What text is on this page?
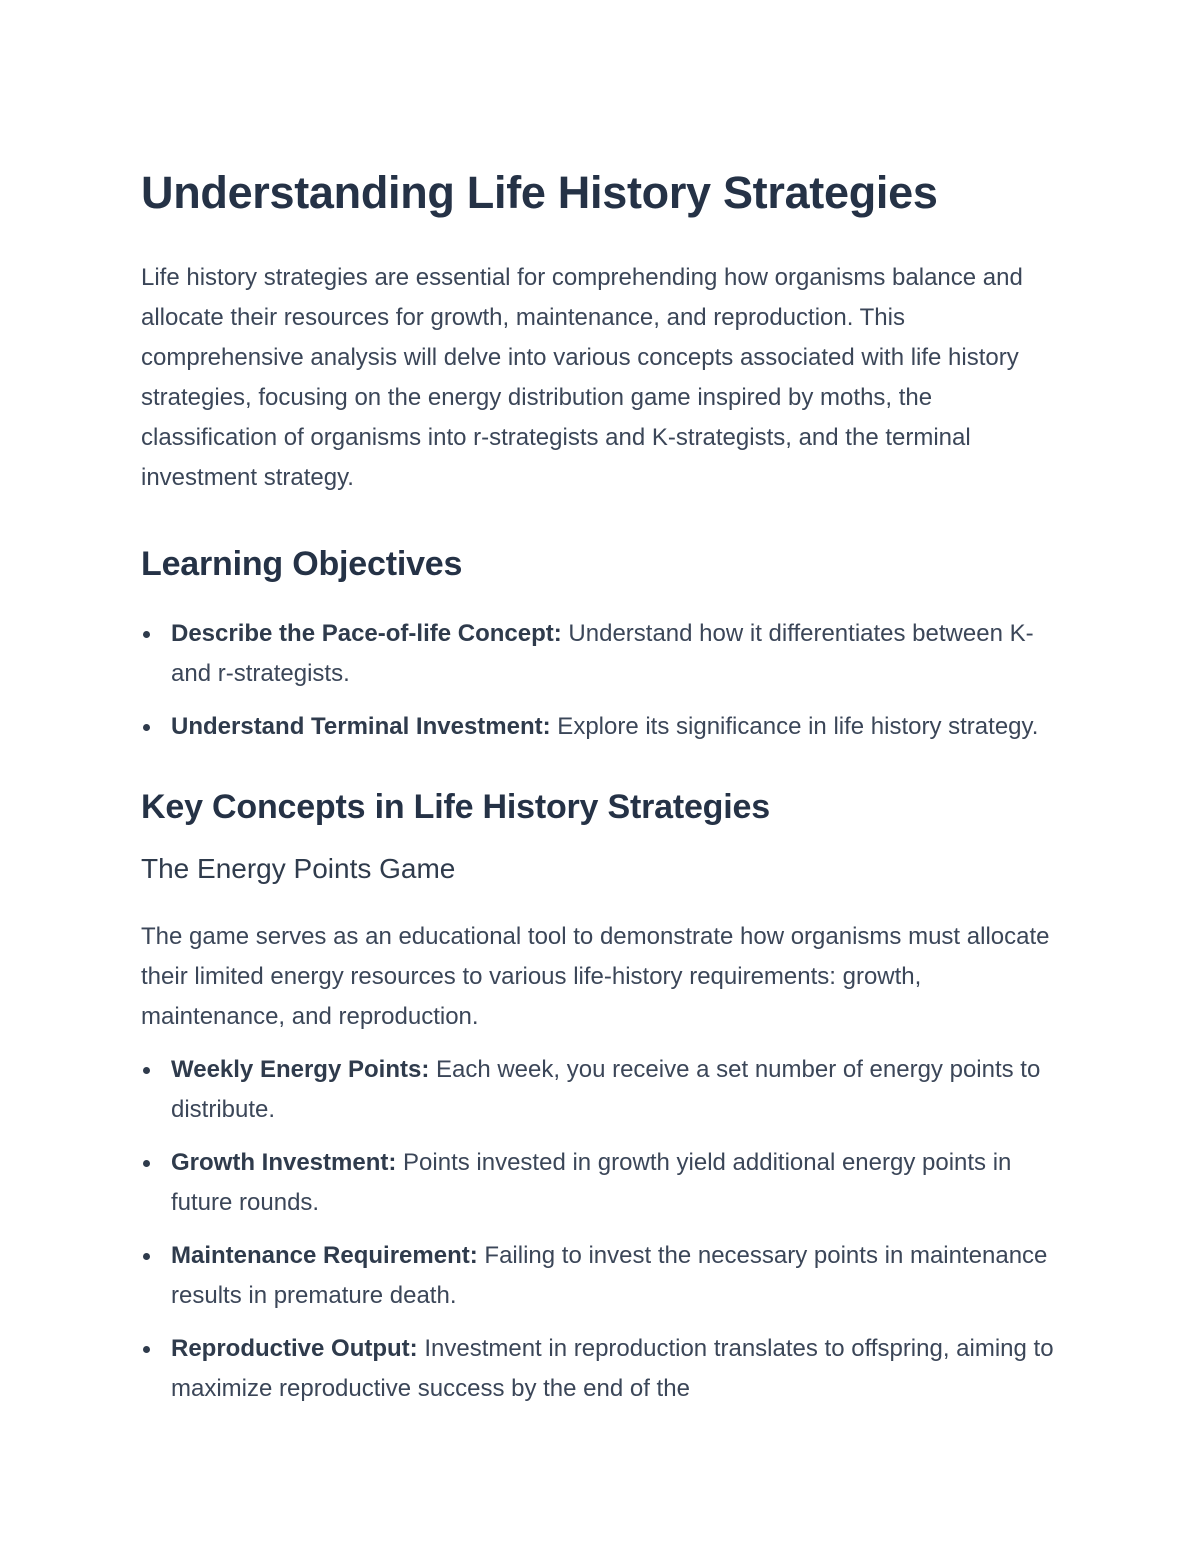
Understanding Life History Strategies

Life history strategies are essential for comprehending how organisms balance and allocate their resources for growth, maintenance, and reproduction. This comprehensive analysis will delve into various concepts associated with life history strategies, focusing on the energy distribution game inspired by moths, the classification of organisms into r-strategists and K-strategists, and the terminal investment strategy.

Learning Objectives
Describe the Pace-of-life Concept: Understand how it differentiates between K- and r-strategists.
Understand Terminal Investment: Explore its significance in life history strategy.
Key Concepts in Life History Strategies
The Energy Points Game

The game serves as an educational tool to demonstrate how organisms must allocate their limited energy resources to various life-history requirements: growth, maintenance, and reproduction.

Weekly Energy Points: Each week, you receive a set number of energy points to distribute.
Growth Investment: Points invested in growth yield additional energy points in future rounds.
Maintenance Requirement: Failing to invest the necessary points in maintenance results in premature death.
Reproductive Output: Investment in reproduction translates to offspring, aiming to maximize reproductive success by the end of the
